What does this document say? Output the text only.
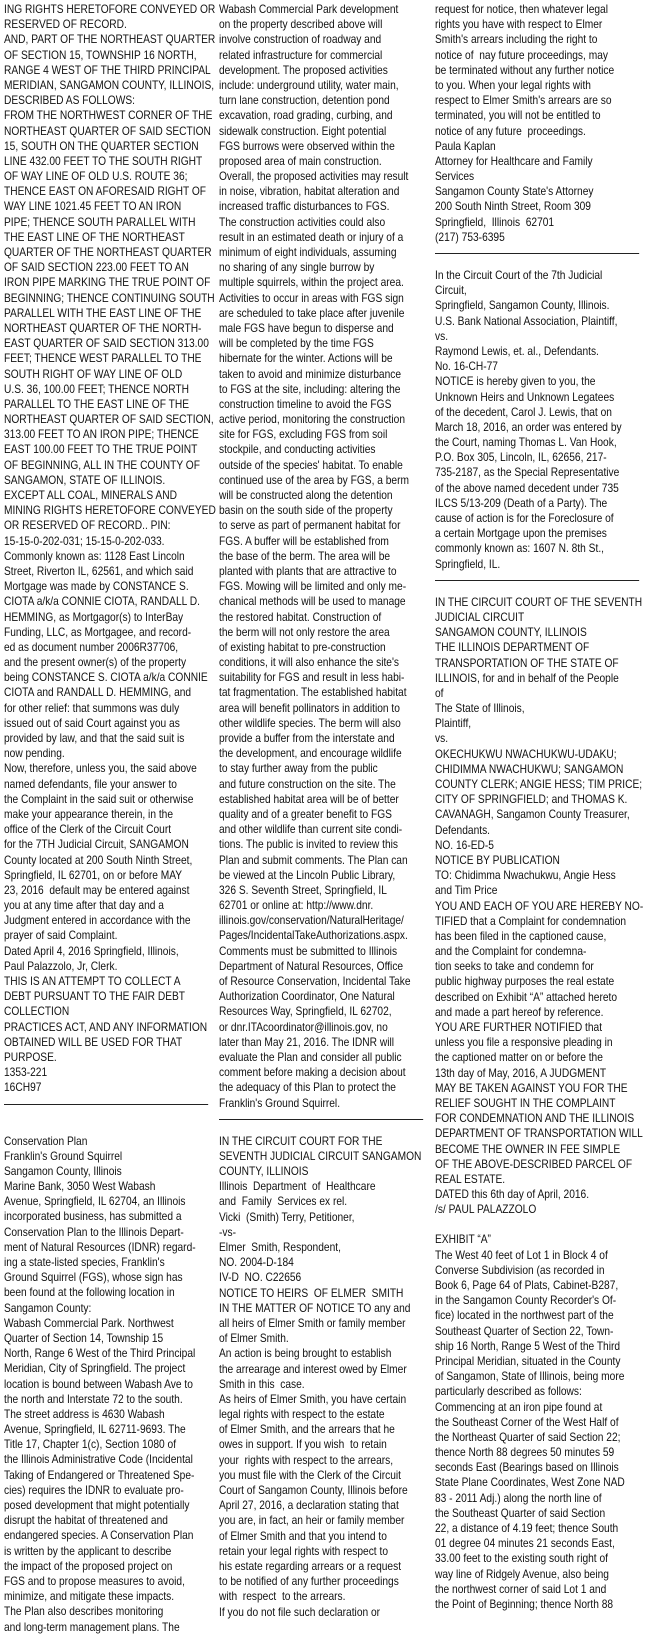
ING RIGHTS HERETOFORE CONVEYED OR
RESERVED OF RECORD.
AND, PART OF THE NORTHEAST QUARTER
OF SECTION 15, TOWNSHIP 16 NORTH,
RANGE 4 WEST OF THE THIRD PRINCIPAL
MERIDIAN, SANGAMON COUNTY, ILLINOIS,
DESCRIBED AS FOLLOWS:
FROM THE NORTHWEST CORNER OF THE
NORTHEAST QUARTER OF SAID SECTION
15, SOUTH ON THE QUARTER SECTION
LINE 432.00 FEET TO THE SOUTH RIGHT
OF WAY LINE OF OLD U.S. ROUTE 36;
THENCE EAST ON AFORESAID RIGHT OF
WAY LINE 1021.45 FEET TO AN IRON
PIPE; THENCE SOUTH PARALLEL WITH
THE EAST LINE OF THE NORTHEAST
QUARTER OF THE NORTHEAST QUARTER
OF SAID SECTION 223.00 FEET TO AN
IRON PIPE MARKING THE TRUE POINT OF
BEGINNING; THENCE CONTINUING SOUTH
PARALLEL WITH THE EAST LINE OF THE
NORTHEAST QUARTER OF THE NORTH-
EAST QUARTER OF SAID SECTION 313.00
FEET; THENCE WEST PARALLEL TO THE
SOUTH RIGHT OF WAY LINE OF OLD
U.S. 36, 100.00 FEET; THENCE NORTH
PARALLEL TO THE EAST LINE OF THE
NORTHEAST QUARTER OF SAID SECTION,
313.00 FEET TO AN IRON PIPE; THENCE
EAST 100.00 FEET TO THE TRUE POINT
OF BEGINNING, ALL IN THE COUNTY OF
SANGAMON, STATE OF ILLINOIS.
EXCEPT ALL COAL, MINERALS AND
MINING RIGHTS HERETOFORE CONVEYED
OR RESERVED OF RECORD.. PIN:
15-15-0-202-031; 15-15-0-202-033.
Commonly known as: 1128 East Lincoln
Street, Riverton IL, 62561, and which said
Mortgage was made by CONSTANCE S.
CIOTA a/k/a CONNIE CIOTA, RANDALL D.
HEMMING, as Mortgagor(s) to InterBay
Funding, LLC, as Mortgagee, and record-
ed as document number 2006R37706,
and the present owner(s) of the property
being CONSTANCE S. CIOTA a/k/a CONNIE
CIOTA and RANDALL D. HEMMING, and
for other relief: that summons was duly
issued out of said Court against you as
provided by law, and that the said suit is
now pending.
Now, therefore, unless you, the said above
named defendants, file your answer to
the Complaint in the said suit or otherwise
make your appearance therein, in the
office of the Clerk of the Circuit Court
for the 7TH Judicial Circuit, SANGAMON
County located at 200 South Ninth Street,
Springfield, IL 62701, on or before MAY
23, 2016  default may be entered against
you at any time after that day and a
Judgment entered in accordance with the
prayer of said Complaint.
Dated April 4, 2016 Springfield, Illinois,
Paul Palazzolo, Jr, Clerk.
THIS IS AN ATTEMPT TO COLLECT A
DEBT PURSUANT TO THE FAIR DEBT
COLLECTION
PRACTICES ACT, AND ANY INFORMATION
OBTAINED WILL BE USED FOR THAT
PURPOSE.
1353-221
16CH97

Conservation Plan
Franklin's Ground Squirrel
Sangamon County, Illinois
Marine Bank, 3050 West Wabash
Avenue, Springfield, IL 62704, an Illinois
incorporated business, has submitted a
Conservation Plan to the Illinois Depart-
ment of Natural Resources (IDNR) regard-
ing a state-listed species, Franklin's
Ground Squirrel (FGS), whose sign has
been found at the following location in
Sangamon County:
Wabash Commercial Park. Northwest
Quarter of Section 14, Township 15
North, Range 6 West of the Third Principal
Meridian, City of Springfield. The project
location is bound between Wabash Ave to
the north and Interstate 72 to the south.
The street address is 4630 Wabash
Avenue, Springfield, IL 62711-9693. The
Title 17, Chapter 1(c), Section 1080 of
the Illinois Administrative Code (Incidental
Taking of Endangered or Threatened Spe-
cies) requires the IDNR to evaluate pro-
posed development that might potentially
disrupt the habitat of threatened and
endangered species. A Conservation Plan
is written by the applicant to describe
the impact of the proposed project on
FGS and to propose measures to avoid,
minimize, and mitigate these impacts.
The Plan also describes monitoring
and long-term management plans. The

Wabash Commercial Park development
on the property described above will
involve construction of roadway and
related infrastructure for commercial
development. The proposed activities
include: underground utility, water main,
turn lane construction, detention pond
excavation, road grading, curbing, and
sidewalk construction. Eight potential
FGS burrows were observed within the
proposed area of main construction.
Overall, the proposed activities may result
in noise, vibration, habitat alteration and
increased traffic disturbances to FGS.
The construction activities could also
result in an estimated death or injury of a
minimum of eight individuals, assuming
no sharing of any single burrow by
multiple squirrels, within the project area.
Activities to occur in areas with FGS sign
are scheduled to take place after juvenile
male FGS have begun to disperse and
will be completed by the time FGS
hibernate for the winter. Actions will be
taken to avoid and minimize disturbance
to FGS at the site, including: altering the
construction timeline to avoid the FGS
active period, monitoring the construction
site for FGS, excluding FGS from soil
stockpile, and conducting activities
outside of the species' habitat. To enable
continued use of the area by FGS, a berm
will be constructed along the detention
basin on the south side of the property
to serve as part of permanent habitat for
FGS. A buffer will be established from
the base of the berm. The area will be
planted with plants that are attractive to
FGS. Mowing will be limited and only me-
chanical methods will be used to manage
the restored habitat. Construction of
the berm will not only restore the area
of existing habitat to pre-construction
conditions, it will also enhance the site's
suitability for FGS and result in less habi-
tat fragmentation. The established habitat
area will benefit pollinators in addition to
other wildlife species. The berm will also
provide a buffer from the interstate and
the development, and encourage wildlife
to stay further away from the public
and future construction on the site. The
established habitat area will be of better
quality and of a greater benefit to FGS
and other wildlife than current site condi-
tions. The public is invited to review this
Plan and submit comments. The Plan can
be viewed at the Lincoln Public Library,
326 S. Seventh Street, Springfield, IL
62701 or online at: http://www.dnr.
illinois.gov/conservation/NaturalHeritage/
Pages/IncidentalTakeAuthorizations.aspx.
Comments must be submitted to Illinois
Department of Natural Resources, Office
of Resource Conservation, Incidental Take
Authorization Coordinator, One Natural
Resources Way, Springfield, IL 62702,
or dnr.ITAcoordinator@illinois.gov, no
later than May 21, 2016. The IDNR will
evaluate the Plan and consider all public
comment before making a decision about
the adequacy of this Plan to protect the
Franklin's Ground Squirrel.

IN THE CIRCUIT COURT FOR THE
SEVENTH JUDICIAL CIRCUIT SANGAMON
COUNTY, ILLINOIS
Illinois  Department  of  Healthcare
and  Family  Services ex rel.
Vicki  (Smith) Terry, Petitioner,
-vs-
Elmer  Smith, Respondent,
NO. 2004-D-184
IV-D  NO. C22656
NOTICE TO HEIRS  OF ELMER  SMITH
IN THE MATTER OF NOTICE TO any and
all heirs of Elmer Smith or family member
of Elmer Smith.
An action is being brought to establish
the arrearage and interest owed by Elmer
Smith in this  case.
As heirs of Elmer Smith, you have certain
legal rights with respect to the estate
of Elmer Smith, and the arrears that he
owes in support. If you wish  to retain
your  rights with respect to the arrears,
you must file with the Clerk of the Circuit
Court of Sangamon County, Illinois before
April 27, 2016, a declaration stating that
you are, in fact, an heir or family member
of Elmer Smith and that you intend to
retain your legal rights with respect to
his estate regarding arrears or a request
to be notified of any further proceedings
with  respect  to the arrears.
If you do not file such declaration or

request for notice, then whatever legal
rights you have with respect to Elmer
Smith's arrears including the right to
notice of  nay future proceedings, may
be terminated without any further notice
to you. When your legal rights with
respect to Elmer Smith's arrears are so
terminated, you will not be entitled to
notice of any future  proceedings.
Paula Kaplan
Attorney for Healthcare and Family
Services
Sangamon County State's Attorney
200 South Ninth Street, Room 309
Springfield,  Illinois  62701
(217) 753-6395

In the Circuit Court of the 7th Judicial
Circuit,
Springfield, Sangamon County, Illinois.
U.S. Bank National Association, Plaintiff,
vs.
Raymond Lewis, et. al., Defendants.
No. 16-CH-77
NOTICE is hereby given to you, the
Unknown Heirs and Unknown Legatees
of the decedent, Carol J. Lewis, that on
March 18, 2016, an order was entered by
the Court, naming Thomas L. Van Hook,
P.O. Box 305, Lincoln, IL, 62656, 217-
735-2187, as the Special Representative
of the above named decedent under 735
ILCS 5/13-209 (Death of a Party). The
cause of action is for the Foreclosure of
a certain Mortgage upon the premises
commonly known as: 1607 N. 8th St.,
Springfield, IL.

IN THE CIRCUIT COURT OF THE SEVENTH
JUDICIAL CIRCUIT
SANGAMON COUNTY, ILLINOIS
THE ILLINOIS DEPARTMENT OF
TRANSPORTATION OF THE STATE OF
ILLINOIS, for and in behalf of the People
of
The State of Illinois,
Plaintiff,
vs.
OKECHUKWU NWACHUKWU-UDAKU;
CHIDIMMA NWACHUKWU; SANGAMON
COUNTY CLERK; ANGIE HESS; TIM PRICE;
CITY OF SPRINGFIELD; and THOMAS K.
CAVANAGH, Sangamon County Treasurer,
Defendants.
NO. 16-ED-5
NOTICE BY PUBLICATION
TO: Chidimma Nwachukwu, Angie Hess
and Tim Price
YOU AND EACH OF YOU ARE HEREBY NO-
TIFIED that a Complaint for condemnation
has been filed in the captioned cause,
and the Complaint for condemna-
tion seeks to take and condemn for
public highway purposes the real estate
described on Exhibit “A” attached hereto
and made a part hereof by reference.
YOU ARE FURTHER NOTIFIED that
unless you file a responsive pleading in
the captioned matter on or before the
13th day of May, 2016, A JUDGMENT
MAY BE TAKEN AGAINST YOU FOR THE
RELIEF SOUGHT IN THE COMPLAINT
FOR CONDEMNATION AND THE ILLINOIS
DEPARTMENT OF TRANSPORTATION WILL
BECOME THE OWNER IN FEE SIMPLE
OF THE ABOVE-DESCRIBED PARCEL OF
REAL ESTATE.
DATED this 6th day of April, 2016.
/s/ PAUL PALAZZOLO

EXHIBIT “A”
The West 40 feet of Lot 1 in Block 4 of
Converse Subdivision (as recorded in
Book 6, Page 64 of Plats, Cabinet-B287,
in the Sangamon County Recorder's Of-
fice) located in the northwest part of the
Southeast Quarter of Section 22, Town-
ship 16 North, Range 5 West of the Third
Principal Meridian, situated in the County
of Sangamon, State of Illinois, being more
particularly described as follows:
Commencing at an iron pipe found at
the Southeast Corner of the West Half of
the Northeast Quarter of said Section 22;
thence North 88 degrees 50 minutes 59
seconds East (Bearings based on Illinois
State Plane Coordinates, West Zone NAD
83 - 2011 Adj.) along the north line of
the Southeast Quarter of said Section
22, a distance of 4.19 feet; thence South
01 degree 04 minutes 21 seconds East,
33.00 feet to the existing south right of
way line of Ridgely Avenue, also being
the northwest corner of said Lot 1 and
the Point of Beginning; thence North 88
